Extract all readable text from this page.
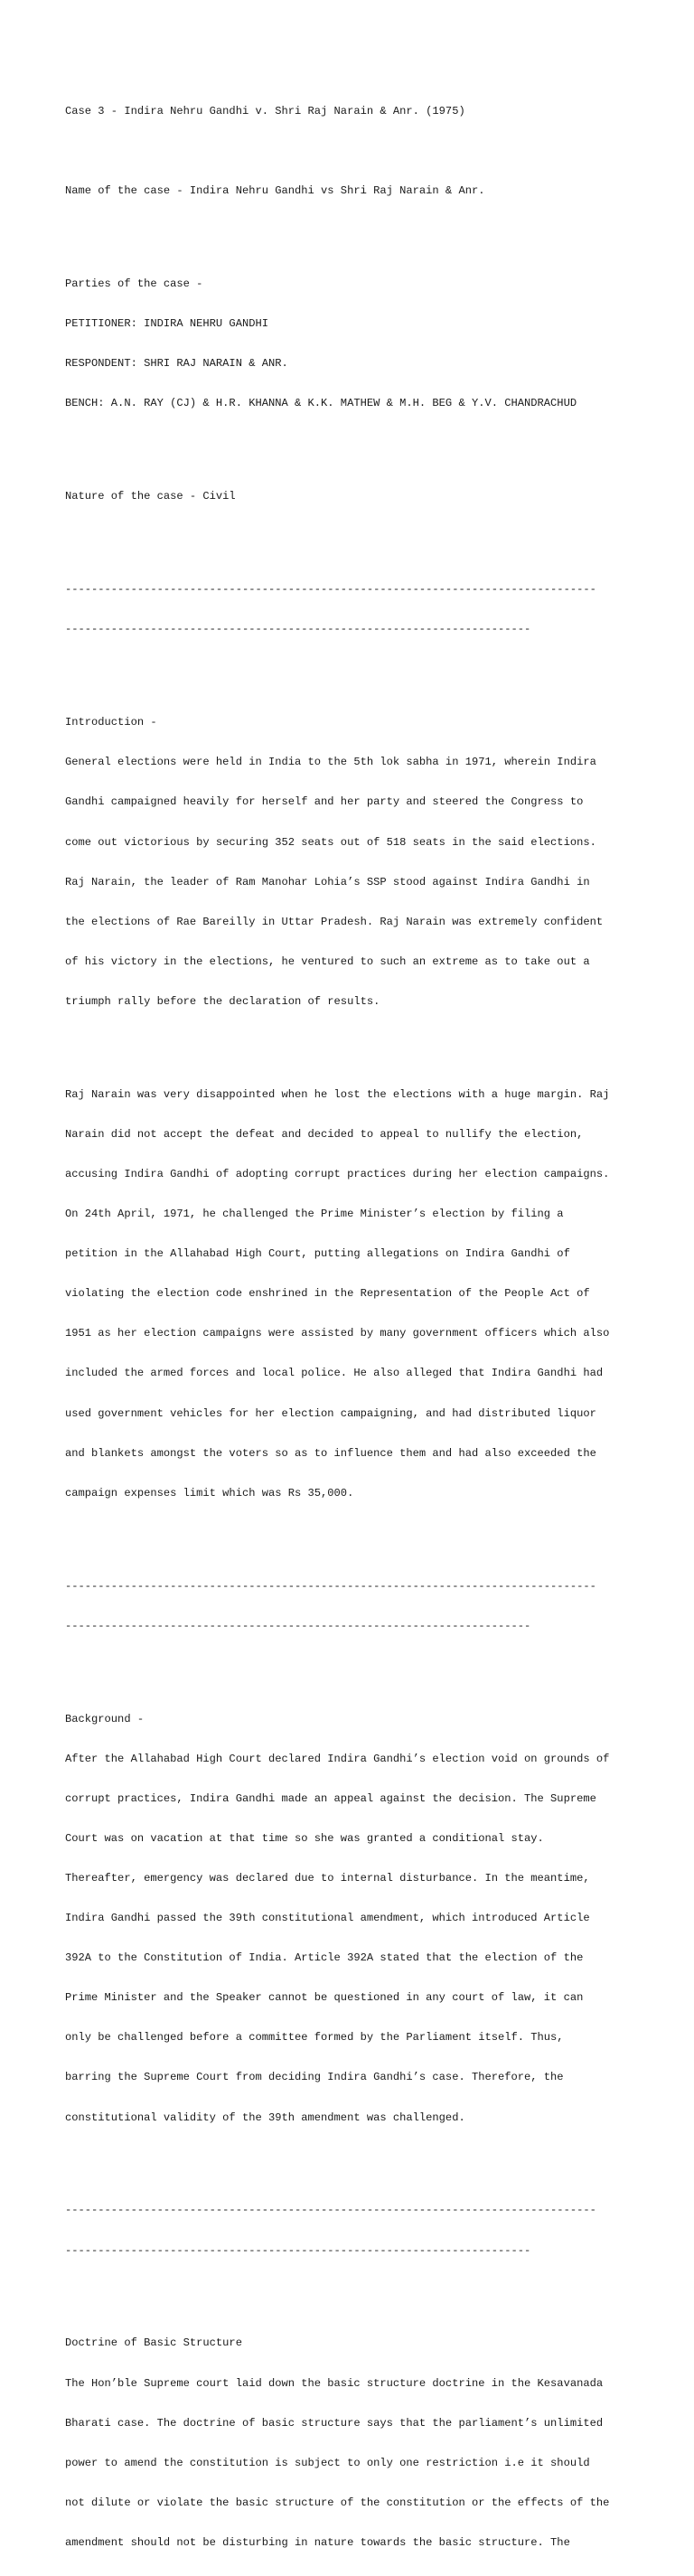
Case 3 - Indira Nehru Gandhi v. Shri Raj Narain & Anr. (1975)

Name of the case - Indira Nehru Gandhi vs Shri Raj Narain & Anr.

Parties of the case -

PETITIONER: INDIRA NEHRU GANDHI

RESPONDENT: SHRI RAJ NARAIN & ANR.

BENCH: A.N. RAY (CJ) & H.R. KHANNA & K.K. MATHEW & M.H. BEG & Y.V. CHANDRACHUD

Nature of the case - Civil

---------------------------------------------------------------------------------

-----------------------------------------------------------------------

Introduction -

General elections were held in India to the 5th lok sabha in 1971, wherein Indira

Gandhi campaigned heavily for herself and her party and steered the Congress to

come out victorious by securing 352 seats out of 518 seats in the said elections.

Raj Narain, the leader of Ram Manohar Lohia’s SSP stood against Indira Gandhi in

the elections of Rae Bareilly in Uttar Pradesh. Raj Narain was extremely confident

of his victory in the elections, he ventured to such an extreme as to take out a

triumph rally before the declaration of results.

Raj Narain was very disappointed when he lost the elections with a huge margin. Raj

Narain did not accept the defeat and decided to appeal to nullify the election,

accusing Indira Gandhi of adopting corrupt practices during her election campaigns.

On 24th April, 1971, he challenged the Prime Minister’s election by filing a

petition in the Allahabad High Court, putting allegations on Indira Gandhi of

violating the election code enshrined in the Representation of the People Act of

1951 as her election campaigns were assisted by many government officers which also

included the armed forces and local police. He also alleged that Indira Gandhi had

used government vehicles for her election campaigning, and had distributed liquor

and blankets amongst the voters so as to influence them and had also exceeded the

campaign expenses limit which was Rs 35,000.

---------------------------------------------------------------------------------

-----------------------------------------------------------------------

Background -

After the Allahabad High Court declared Indira Gandhi’s election void on grounds of

corrupt practices, Indira Gandhi made an appeal against the decision. The Supreme

Court was on vacation at that time so she was granted a conditional stay.

Thereafter, emergency was declared due to internal disturbance. In the meantime,

Indira Gandhi passed the 39th constitutional amendment, which introduced Article

392A to the Constitution of India. Article 392A stated that the election of the

Prime Minister and the Speaker cannot be questioned in any court of law, it can

only be challenged before a committee formed by the Parliament itself. Thus,

barring the Supreme Court from deciding Indira Gandhi’s case. Therefore, the

constitutional validity of the 39th amendment was challenged.

---------------------------------------------------------------------------------

-----------------------------------------------------------------------

Doctrine of Basic Structure

The Hon’ble Supreme court laid down the basic structure doctrine in the Kesavanada

Bharati case. The doctrine of basic structure says that the parliament’s unlimited

power to amend the constitution is subject to only one restriction i.e it should

not dilute or violate the basic structure of the constitution or the effects of the

amendment should not be disturbing in nature towards the basic structure. The
